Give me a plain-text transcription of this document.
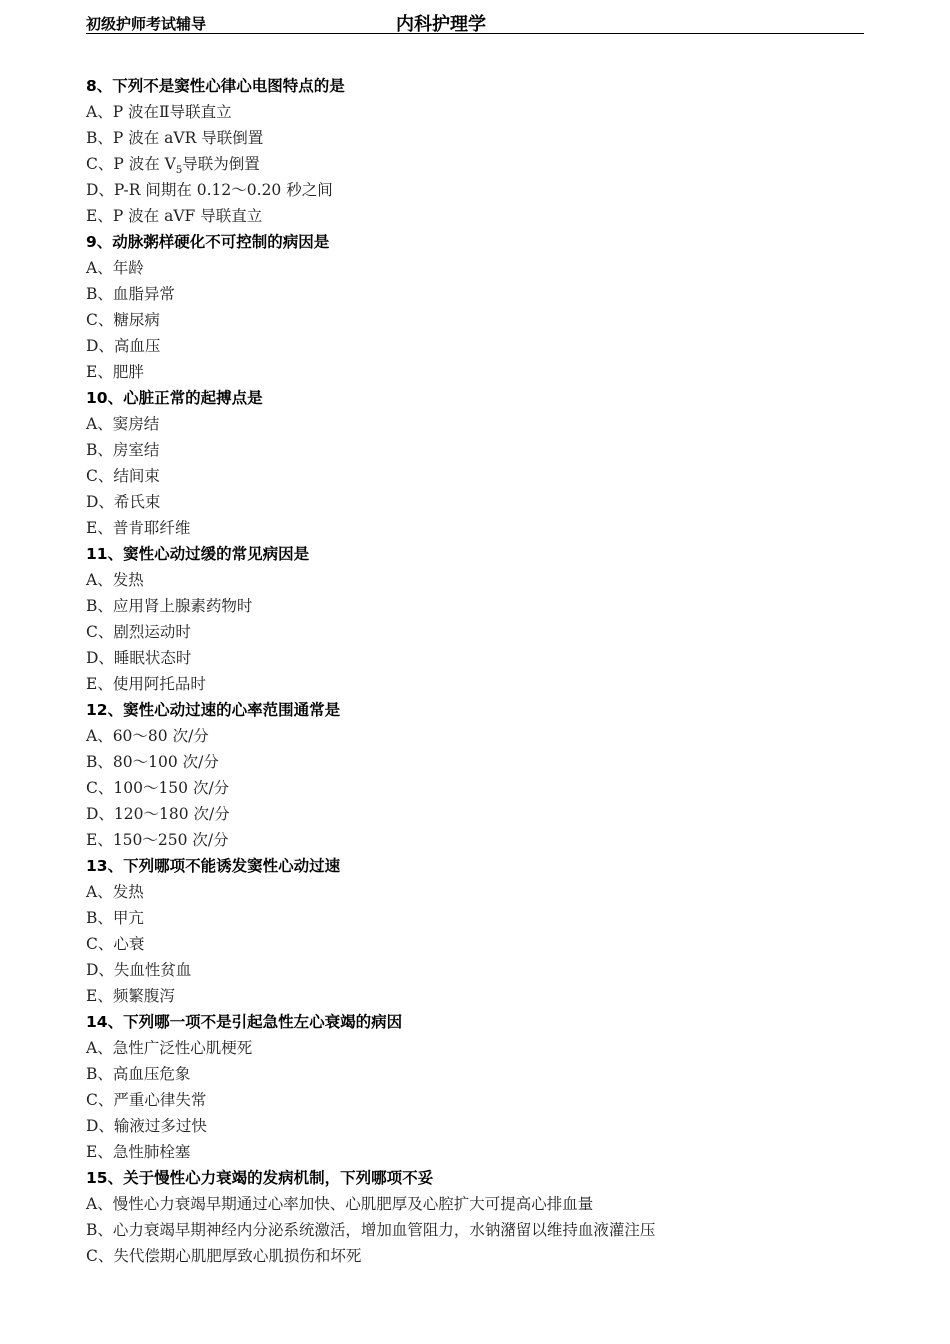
初级护师考试辅导	内科护理学
8、下列不是窦性心律心电图特点的是
A、P 波在Ⅱ导联直立
B、P 波在 aVR 导联倒置
C、P 波在 $V_5$导联为倒置
D、P-R 间期在 0.12～0.20 秒之间
E、P 波在 aVF 导联直立
9、动脉粥样硬化不可控制的病因是
A、年龄
B、血脂异常
C、糖尿病
D、高血压
E、肥胖
10、心脏正常的起搏点是
A、窦房结
B、房室结
C、结间束
D、希氏束
E、普肯耶纤维
11、窦性心动过缓的常见病因是
A、发热
B、应用肾上腺素药物时
C、剧烈运动时
D、睡眠状态时
E、使用阿托品时
12、窦性心动过速的心率范围通常是
A、60～80 次/分
B、80～100 次/分
C、100～150 次/分
D、120～180 次/分
E、150～250 次/分
13、下列哪项不能诱发窦性心动过速
A、发热
B、甲亢
C、心衰
D、失血性贫血
E、频繁腹泻
14、下列哪一项不是引起急性左心衰竭的病因
A、急性广泛性心肌梗死
B、高血压危象
C、严重心律失常
D、输液过多过快
E、急性肺栓塞
15、关于慢性心力衰竭的发病机制，下列哪项不妥
A、慢性心力衰竭早期通过心率加快、心肌肥厚及心腔扩大可提高心排血量
B、心力衰竭早期神经内分泌系统激活，增加血管阻力，水钠潴留以维持血液灌注压
C、失代偿期心肌肥厚致心肌损伤和坏死
